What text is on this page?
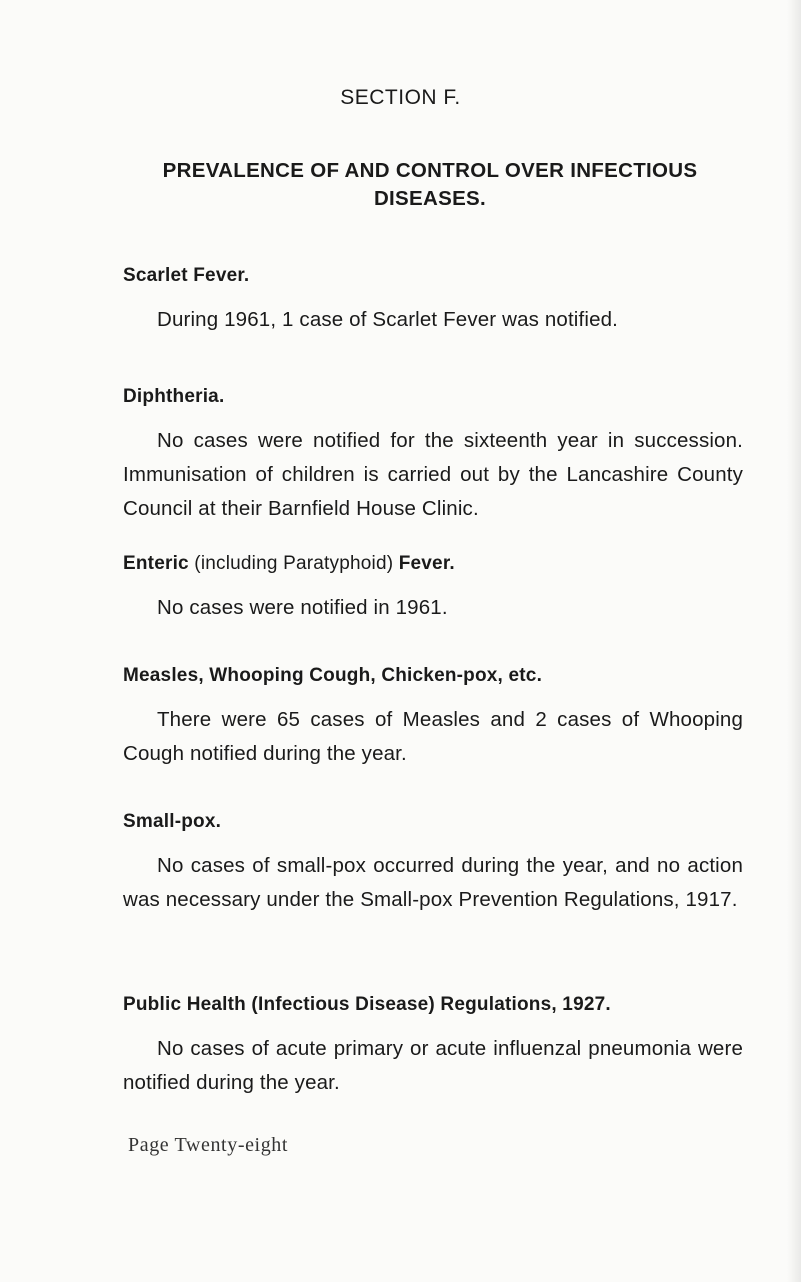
SECTION F.
PREVALENCE OF AND CONTROL OVER INFECTIOUS
DISEASES.
Scarlet Fever.
During 1961, 1 case of Scarlet Fever was notified.
Diphtheria.
No cases were notified for the sixteenth year in succession. Immunisation of children is carried out by the Lancashire County Council at their Barnfield House Clinic.
Enteric (including Paratyphoid) Fever.
No cases were notified in 1961.
Measles, Whooping Cough, Chicken-pox, etc.
There were 65 cases of Measles and 2 cases of Whooping Cough notified during the year.
Small-pox.
No cases of small-pox occurred during the year, and no action was necessary under the Small-pox Prevention Regulations, 1917.
Public Health (Infectious Disease) Regulations, 1927.
No cases of acute primary or acute influenzal pneumonia were notified during the year.
Page Twenty-eight
